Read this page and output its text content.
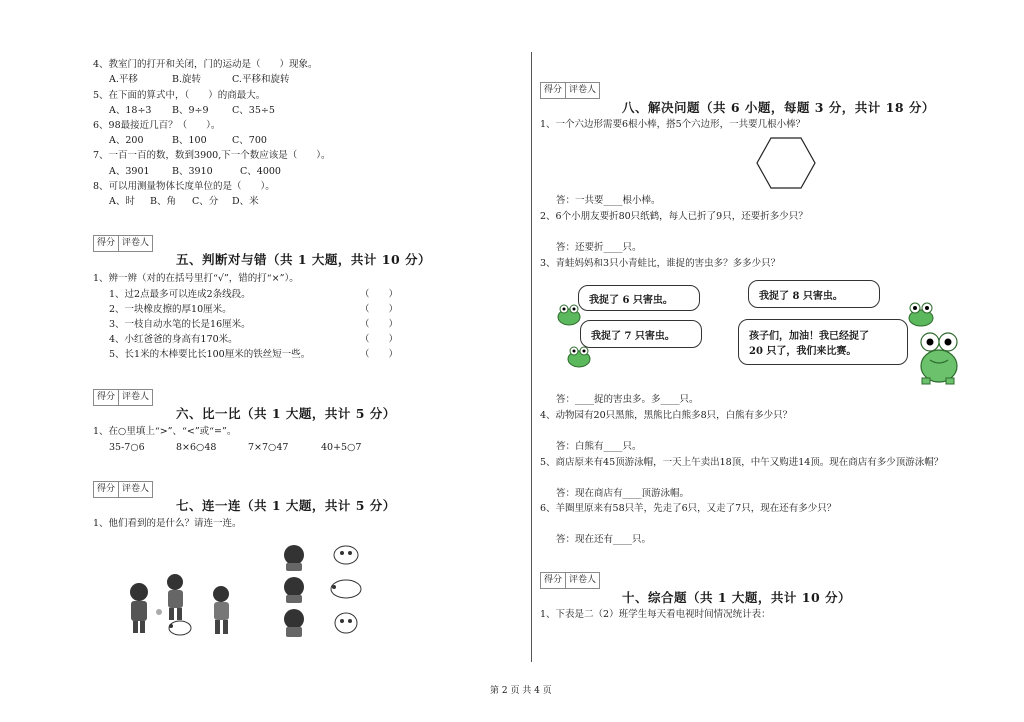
4、教室门的打开和关闭，门的运动是（　　）现象。
A.平移	B.旋转	C.平移和旋转
5、在下面的算式中，（　　）的商最大。
A、18÷3 B、9÷9 C、35÷5
6、98最接近几百？（　　）。
A、200	B、100	C、700
7、一百一百的数，数到3900,下一个数应该是（　　）。
A、3901 B、3910	C、4000
8、可以用测量物体长度单位的是（　　）。
A、时 B、角 C、分 D、米
得分 评卷人
五、判断对与错（共 1 大题，共计 10 分）
1、辨一辨（对的在括号里打“√”，错的打“×”）。
1、过2点最多可以连成2条线段。	（　　）
2、一块橡皮擦的厚10厘米。	（　　）
3、一枝自动水笔的长是16厘米。	（　　）
4、小红爸爸的身高有170米。	（　　）
5、长1米的木棒要比长100厘米的铁丝短一些。	（　　）
得分 评卷人
六、比一比（共 1 大题，共计 5 分）
1、在○里填上“>”、“<”或“=”。
35-7○6	8×6○48	7×7○47	40+5○7
得分 评卷人
七、连一连（共 1 大题，共计 5 分）
1、他们看到的是什么？请连一连。
得分 评卷人
八、解决问题（共 6 小题，每题 3 分，共计 18 分）
1、一个六边形需要6根小棒，搭5个六边形，一共要几根小棒？
答：一共要____根小棒。
2、6个小朋友要折80只纸鹤，每人已折了9只，还要折多少只？
答：还要折____只。
3、青蛙妈妈和3只小青蛙比，谁捉的害虫多？多多少只？
我捉了 6 只害虫。	我捉了 8 只害虫。
我捉了 7 只害虫。	孩子们，加油！我已经捉了
20 只了，我们来比赛。
答：____捉的害虫多。多____只。
4、动物园有20只黑熊，黑熊比白熊多8只，白熊有多少只？
答：白熊有____只。
5、商店原来有45顶游泳帽，一天上午卖出18顶，中午又购进14顶。现在商店有多少顶游泳帽？
答：现在商店有____顶游泳帽。
6、羊圈里原来有58只羊，先走了6只，又走了7只，现在还有多少只？
答：现在还有____只。
得分 评卷人
十、综合题（共 1 大题，共计 10 分）
1、下表是二（2）班学生每天看电视时间情况统计表：
第 2 页 共 4 页
